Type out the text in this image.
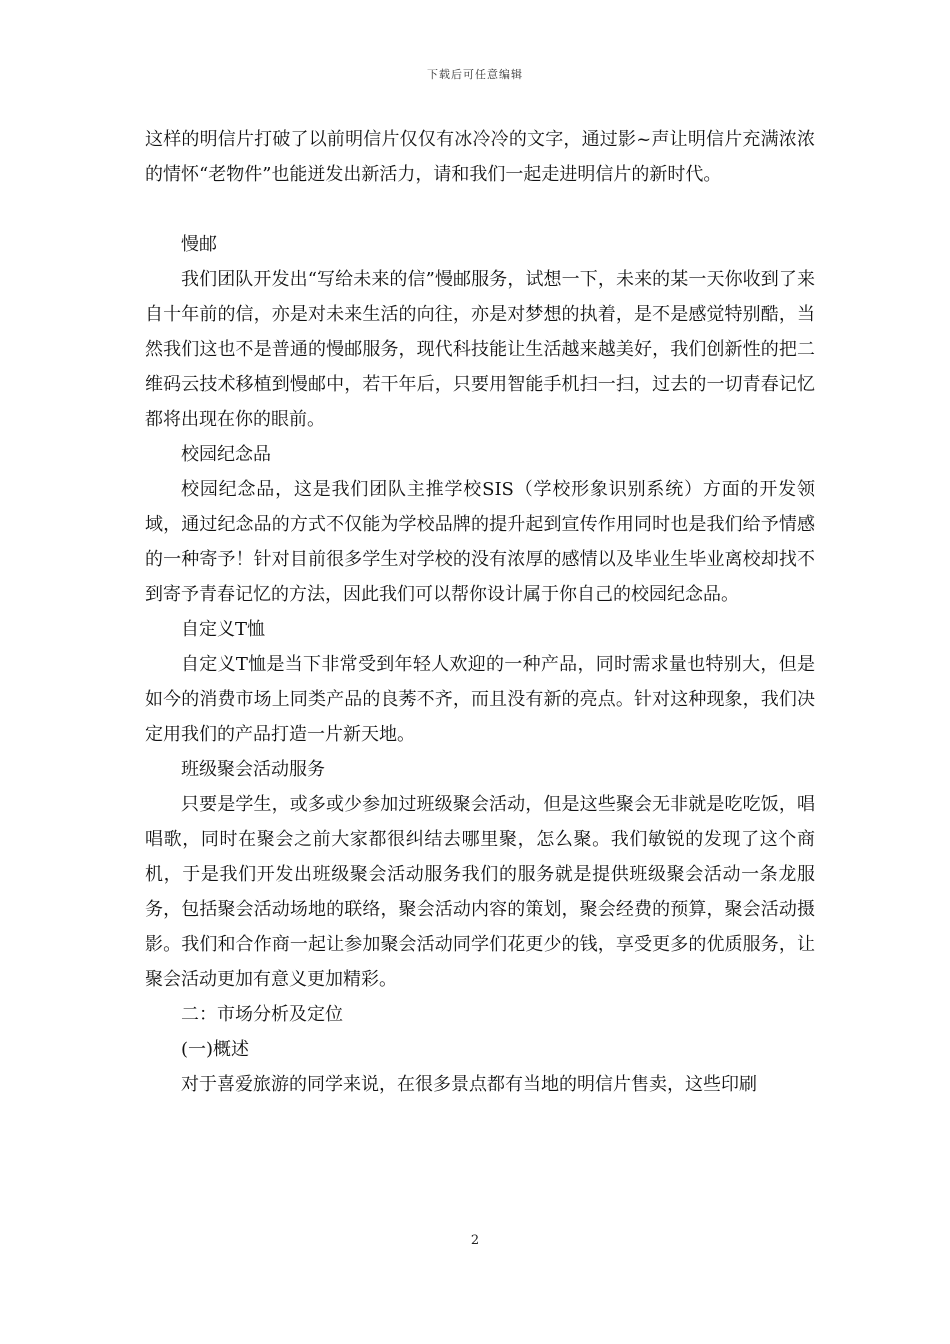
下载后可任意编辑

这样的明信片打破了以前明信片仅仅有冰冷冷的文字，通过影~声让明信片充满浓浓的情怀“老物件”也能迸发出新活力，请和我们一起走进明信片的新时代。

慢邮

我们团队开发出“写给未来的信”慢邮服务，试想一下，未来的某一天你收到了来自十年前的信，亦是对未来生活的向往，亦是对梦想的执着，是不是感觉特别酷，当然我们这也不是普通的慢邮服务，现代科技能让生活越来越美好，我们创新性的把二维码云技术移植到慢邮中，若干年后，只要用智能手机扫一扫，过去的一切青春记忆都将出现在你的眼前。

校园纪念品

校园纪念品，这是我们团队主推学校SIS（学校形象识别系统）方面的开发领域，通过纪念品的方式不仅能为学校品牌的提升起到宣传作用同时也是我们给予情感的一种寄予！针对目前很多学生对学校的没有浓厚的感情以及毕业生毕业离校却找不到寄予青春记忆的方法，因此我们可以帮你设计属于你自己的校园纪念品。

自定义T恤

自定义T恤是当下非常受到年轻人欢迎的一种产品，同时需求量也特别大，但是如今的消费市场上同类产品的良莠不齐，而且没有新的亮点。针对这种现象，我们决定用我们的产品打造一片新天地。

班级聚会活动服务

只要是学生，或多或少参加过班级聚会活动，但是这些聚会无非就是吃吃饭，唱唱歌，同时在聚会之前大家都很纠结去哪里聚，怎么聚。我们敏锐的发现了这个商机，于是我们开发出班级聚会活动服务我们的服务就是提供班级聚会活动一条龙服务，包括聚会活动场地的联络，聚会活动内容的策划，聚会经费的预算，聚会活动摄影。我们和合作商一起让参加聚会活动同学们花更少的钱，享受更多的优质服务，让聚会活动更加有意义更加精彩。

二：市场分析及定位

(一)概述

对于喜爱旅游的同学来说，在很多景点都有当地的明信片售卖，这些印刷

2
